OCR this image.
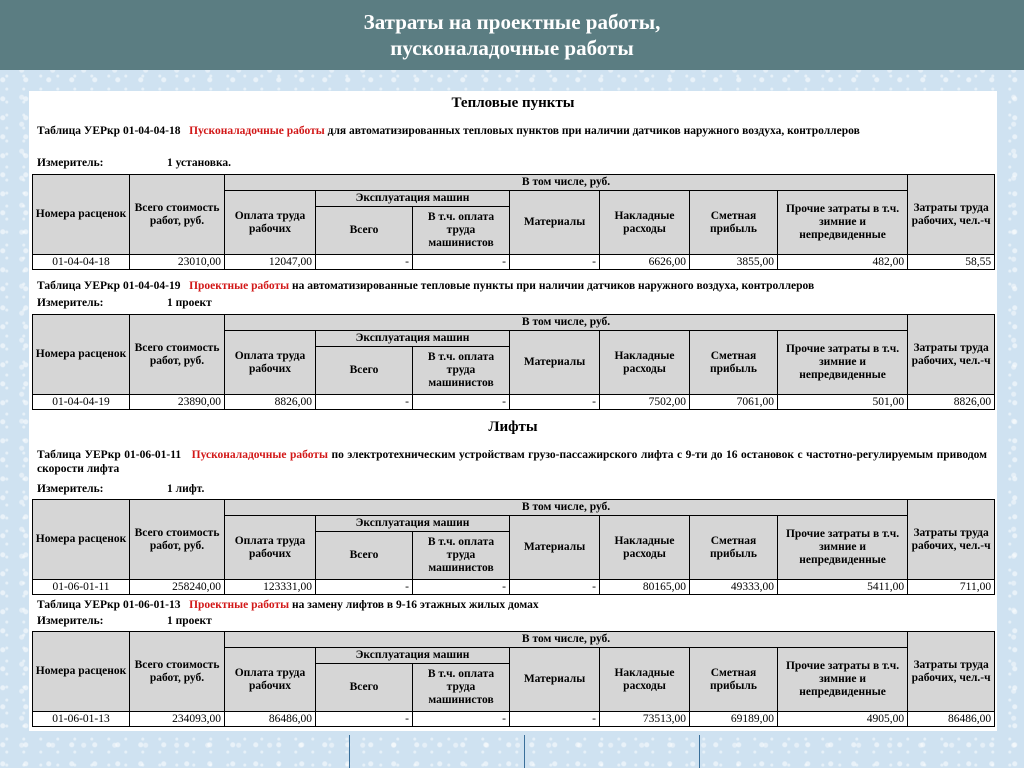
Затраты на проектные работы,
пусконаладочные работы
Тепловые пункты
Таблица УЕРкр 01-04-04-18 Пусконаладочные работы для автоматизированных тепловых пунктов при наличии датчиков наружного воздуха, контроллеров
Измеритель:	1 установка.
Номера расценок	Всего стоимость работ, руб.	В том числе, руб.							Затраты труда рабочих, чел.-ч
		Оплата труда рабочих	Эксплуатация машин		Материалы	Накладные расходы	Сметная прибыль	Прочие затраты в т.ч. зимние и непредвиденные	
			Всего	В т.ч. оплата труда машинистов					
01-04-04-18	23010,00	12047,00	-	-	-	6626,00	3855,00	482,00	58,55
Таблица УЕРкр 01-04-04-19 Проектные работы на автоматизированные тепловые пункты при наличии датчиков наружного воздуха, контроллеров
Измеритель:	1 проект
Номера расценок	Всего стоимость работ, руб.	В том числе, руб.							Затраты труда рабочих, чел.-ч
		Оплата труда рабочих	Эксплуатация машин		Материалы	Накладные расходы	Сметная прибыль	Прочие затраты в т.ч. зимние и непредвиденные	
			Всего	В т.ч. оплата труда машинистов					
01-04-04-19	23890,00	8826,00	-	-	-	7502,00	7061,00	501,00	8826,00
Лифты
Таблица УЕРкр 01-06-01-11 Пусконаладочные работы по электротехническим устройствам грузо-пассажирского лифта с 9-ти до 16 остановок с частотно-регулируемым приводом скорости лифта
Измеритель:	1 лифт.
Номера расценок	Всего стоимость работ, руб.	В том числе, руб.							Затраты труда рабочих, чел.-ч
		Оплата труда рабочих	Эксплуатация машин		Материалы	Накладные расходы	Сметная прибыль	Прочие затраты в т.ч. зимние и непредвиденные	
			Всего	В т.ч. оплата труда машинистов					
01-06-01-11	258240,00	123331,00	-	-	-	80165,00	49333,00	5411,00	711,00
Таблица УЕРкр 01-06-01-13 Проектные работы на замену лифтов в 9-16 этажных жилых домах
Измеритель:	1 проект
Номера расценок	Всего стоимость работ, руб.	В том числе, руб.							Затраты труда рабочих, чел.-ч
		Оплата труда рабочих	Эксплуатация машин		Материалы	Накладные расходы	Сметная прибыль	Прочие затраты в т.ч. зимние и непредвиденные	
			Всего	В т.ч. оплата труда машинистов					
01-06-01-13	234093,00	86486,00	-	-	-	73513,00	69189,00	4905,00	86486,00
